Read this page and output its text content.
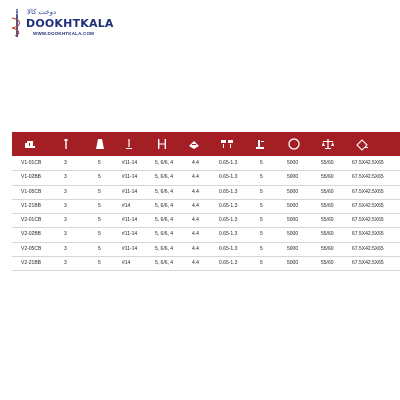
دوخت کالا
DOOKHTKALA
WWW.DOOKHTKALA.COM
V1-01CB	3	5	#11-14	5, 6/6, 4	4.4	0.65-1.3	5	5000	55/60	67.5X42.5X65
V1-02BB	3	5	#11-14	5, 6/6, 4	4.4	0.65-1.3	5	5000	55/60	67.5X42.5X65
V1-05CB	3	5	#11-14	5, 6/6, 4	4.4	0.65-1.3	5	5000	55/60	67.5X42.5X65
V1-21BB	3	5	#14	5, 6/6, 4	4.4	0.65-1.3	5	5000	55/60	67.5X42.5X65
V2-01CB	3	5	#11-14	5, 6/6, 4	4.4	0.65-1.3	5	5000	55/60	67.5X42.5X65
V2-02BB	3	5	#11-14	5, 6/6, 4	4.4	0.65-1.3	5	5000	55/60	67.5X42.5X65
V2-05CB	3	5	#11-14	5, 6/6, 4	4.4	0.65-1.3	5	5000	55/60	67.5X42.5X65
V2-21BB	3	5	#14	5, 6/6, 4	4.4	0.65-1.3	5	5000	55/60	67.5X42.5X65
